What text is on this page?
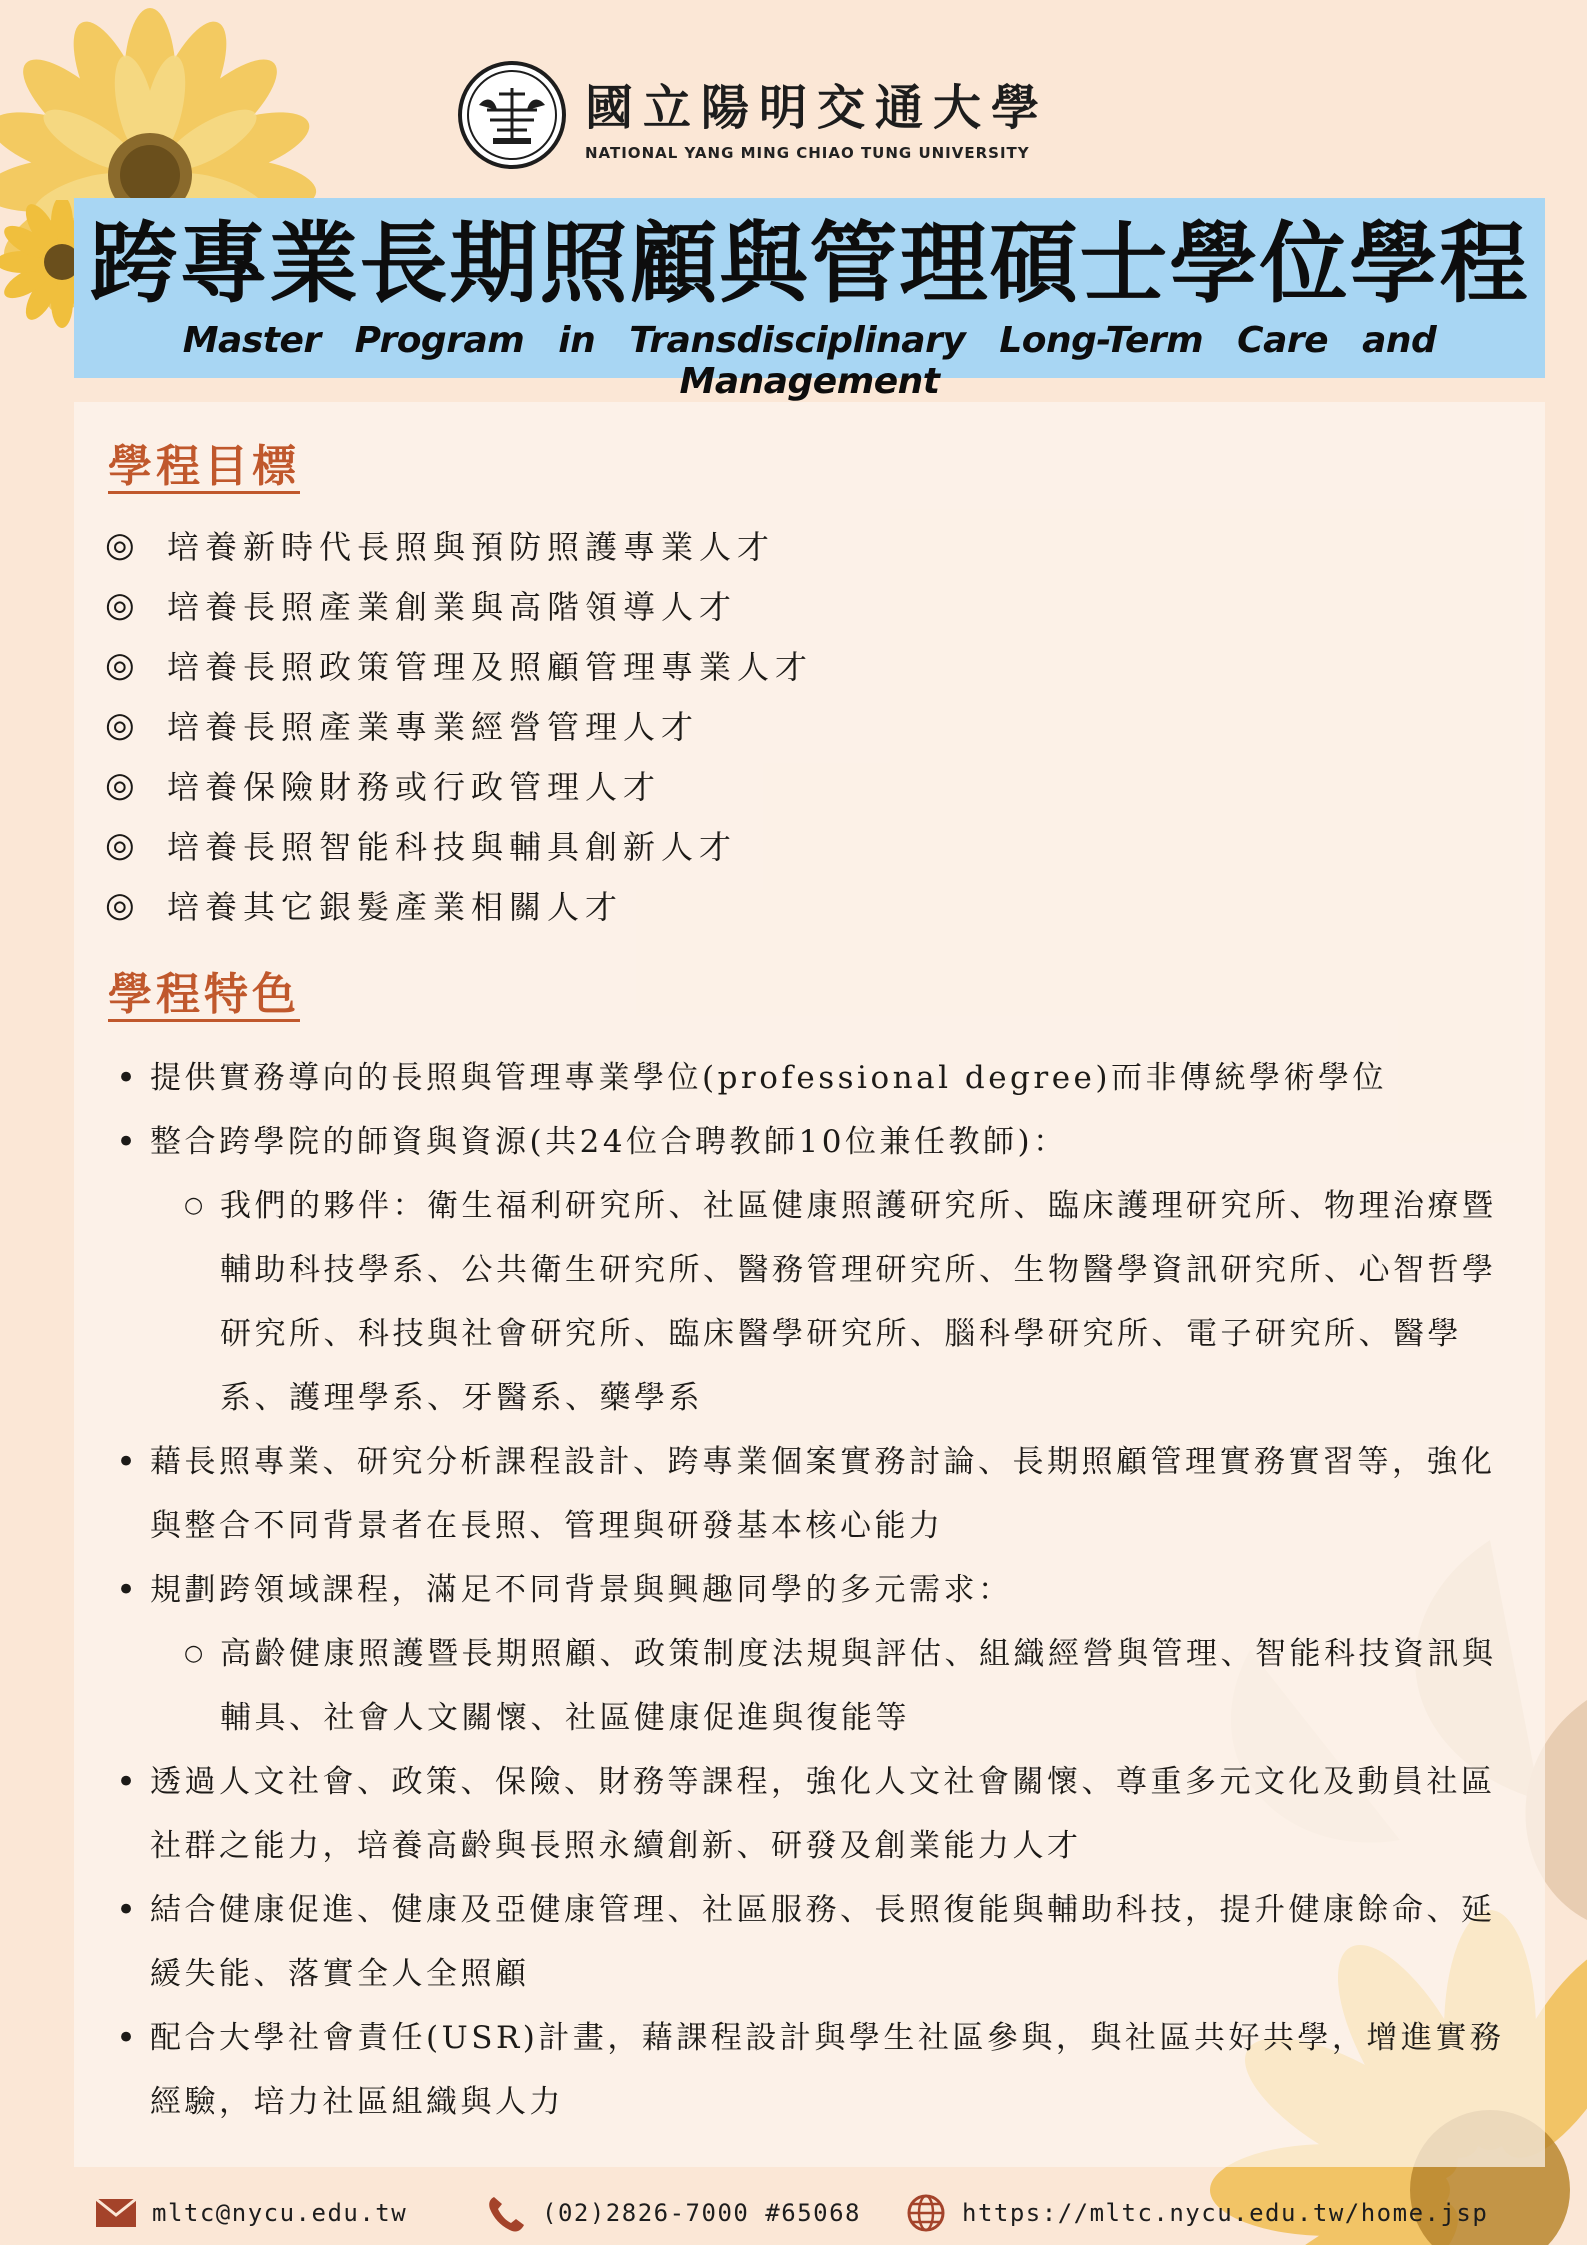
國立陽明交通大學
NATIONAL YANG MING CHIAO TUNG UNIVERSITY
跨專業長期照顧與管理碩士學位學程
Master Program in Transdisciplinary Long-Term Care and Management
學程目標
◎ 培養新時代長照與預防照護專業人才
◎ 培養長照產業創業與高階領導人才
◎ 培養長照政策管理及照顧管理專業人才
◎ 培養長照產業專業經營管理人才
◎ 培養保險財務或行政管理人才
◎ 培養長照智能科技與輔具創新人才
◎ 培養其它銀髮產業相關人才
學程特色
• 提供實務導向的長照與管理專業學位(professional degree)而非傳統學術學位
• 整合跨學院的師資與資源(共24位合聘教師10位兼任教師)：
○ 我們的夥伴：衛生福利研究所、社區健康照護研究所、臨床護理研究所、物理治療暨輔助科技學系、公共衛生研究所、醫務管理研究所、生物醫學資訊研究所、心智哲學研究所、科技與社會研究所、臨床醫學研究所、腦科學研究所、電子研究所、醫學系、護理學系、牙醫系、藥學系
• 藉長照專業、研究分析課程設計、跨專業個案實務討論、長期照顧管理實務實習等，強化與整合不同背景者在長照、管理與研發基本核心能力
• 規劃跨領域課程，滿足不同背景與興趣同學的多元需求：
○ 高齡健康照護暨長期照顧、政策制度法規與評估、組織經營與管理、智能科技資訊與輔具、社會人文關懷、社區健康促進與復能等
• 透過人文社會、政策、保險、財務等課程，強化人文社會關懷、尊重多元文化及動員社區社群之能力，培養高齡與長照永續創新、研發及創業能力人才
• 結合健康促進、健康及亞健康管理、社區服務、長照復能與輔助科技，提升健康餘命、延緩失能、落實全人全照顧
• 配合大學社會責任(USR)計畫，藉課程設計與學生社區參與，與社區共好共學，增進實務經驗，培力社區組織與人力
mltc@nycu.edu.tw	(02)2826-7000 #65068	https://mltc.nycu.edu.tw/home.jsp
